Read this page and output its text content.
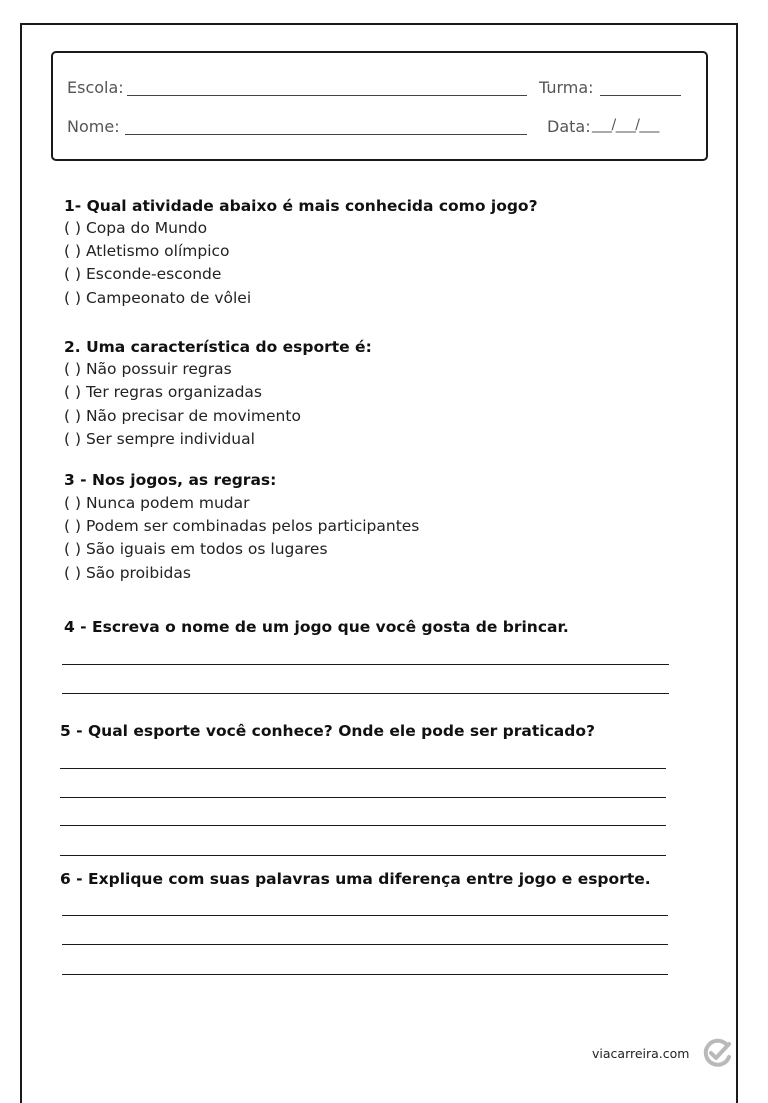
Escola:	Turma:
Nome:	Data: ___/___/___
1- Qual atividade abaixo é mais conhecida como jogo?
( ) Copa do Mundo
( ) Atletismo olímpico
( ) Esconde-esconde
( ) Campeonato de vôlei
2. Uma característica do esporte é:
( ) Não possuir regras
( ) Ter regras organizadas
( ) Não precisar de movimento
( ) Ser sempre individual
3 - Nos jogos, as regras:
( ) Nunca podem mudar
( ) Podem ser combinadas pelos participantes
( ) São iguais em todos os lugares
( ) São proibidas
4 - Escreva o nome de um jogo que você gosta de brincar.
5 - Qual esporte você conhece? Onde ele pode ser praticado?
6 - Explique com suas palavras uma diferença entre jogo e esporte.
viacarreira.com
